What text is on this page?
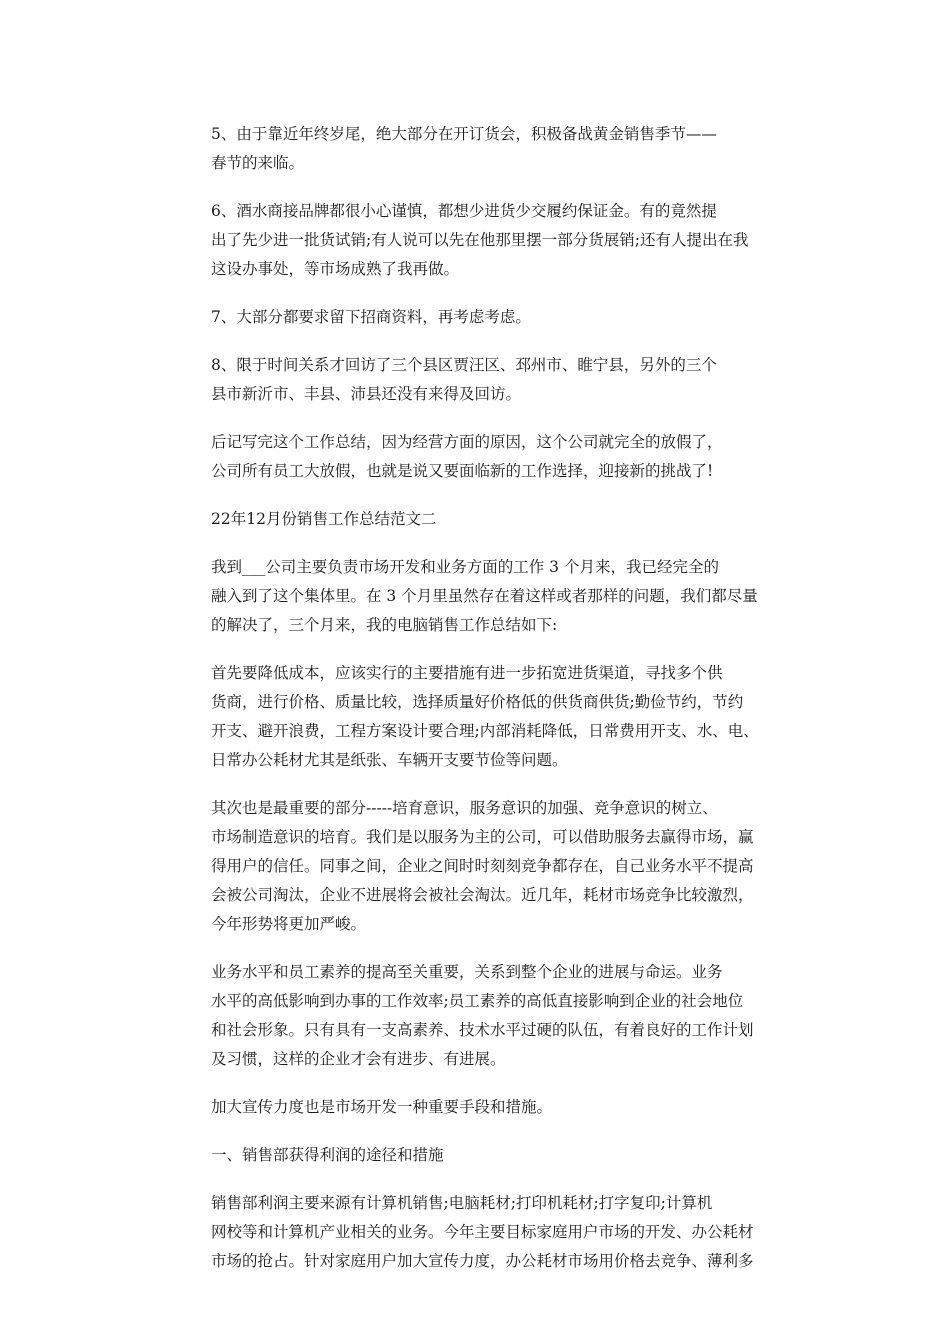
5、由于靠近年终岁尾，绝大部分在开订货会，积极备战黄金销售季节——
春节的来临。

6、酒水商接品牌都很小心谨慎，都想少进货少交履约保证金。有的竟然提
出了先少进一批货试销;有人说可以先在他那里摆一部分货展销;还有人提出在我
这设办事处，等市场成熟了我再做。

7、大部分都要求留下招商资料，再考虑考虑。

8、限于时间关系才回访了三个县区贾汪区、邳州市、睢宁县，另外的三个
县市新沂市、丰县、沛县还没有来得及回访。

后记写完这个工作总结，因为经营方面的原因，这个公司就完全的放假了，
公司所有员工大放假，也就是说又要面临新的工作选择，迎接新的挑战了!

22年12月份销售工作总结范文二

我到___公司主要负责市场开发和业务方面的工作 3 个月来，我已经完全的
融入到了这个集体里。在 3 个月里虽然存在着这样或者那样的问题，我们都尽量
的解决了，三个月来，我的电脑销售工作总结如下:

首先要降低成本，应该实行的主要措施有进一步拓宽进货渠道，寻找多个供
货商，进行价格、质量比较，选择质量好价格低的供货商供货;勤俭节约，节约
开支、避开浪费，工程方案设计要合理;内部消耗降低，日常费用开支、水、电、
日常办公耗材尤其是纸张、车辆开支要节俭等问题。

其次也是最重要的部分-----培育意识，服务意识的加强、竞争意识的树立、
市场制造意识的培育。我们是以服务为主的公司，可以借助服务去赢得市场，赢
得用户的信任。同事之间，企业之间时时刻刻竞争都存在，自己业务水平不提高
会被公司淘汰，企业不进展将会被社会淘汰。近几年，耗材市场竞争比较激烈，
今年形势将更加严峻。

业务水平和员工素养的提高至关重要，关系到整个企业的进展与命运。业务
水平的高低影响到办事的工作效率;员工素养的高低直接影响到企业的社会地位
和社会形象。只有具有一支高素养、技术水平过硬的队伍，有着良好的工作计划
及习惯，这样的企业才会有进步、有进展。

加大宣传力度也是市场开发一种重要手段和措施。

一、销售部获得利润的途径和措施

销售部利润主要来源有计算机销售;电脑耗材;打印机耗材;打字复印;计算机
网校等和计算机产业相关的业务。今年主要目标家庭用户市场的开发、办公耗材
市场的抢占。针对家庭用户加大宣传力度，办公耗材市场用价格去竞争、薄利多
